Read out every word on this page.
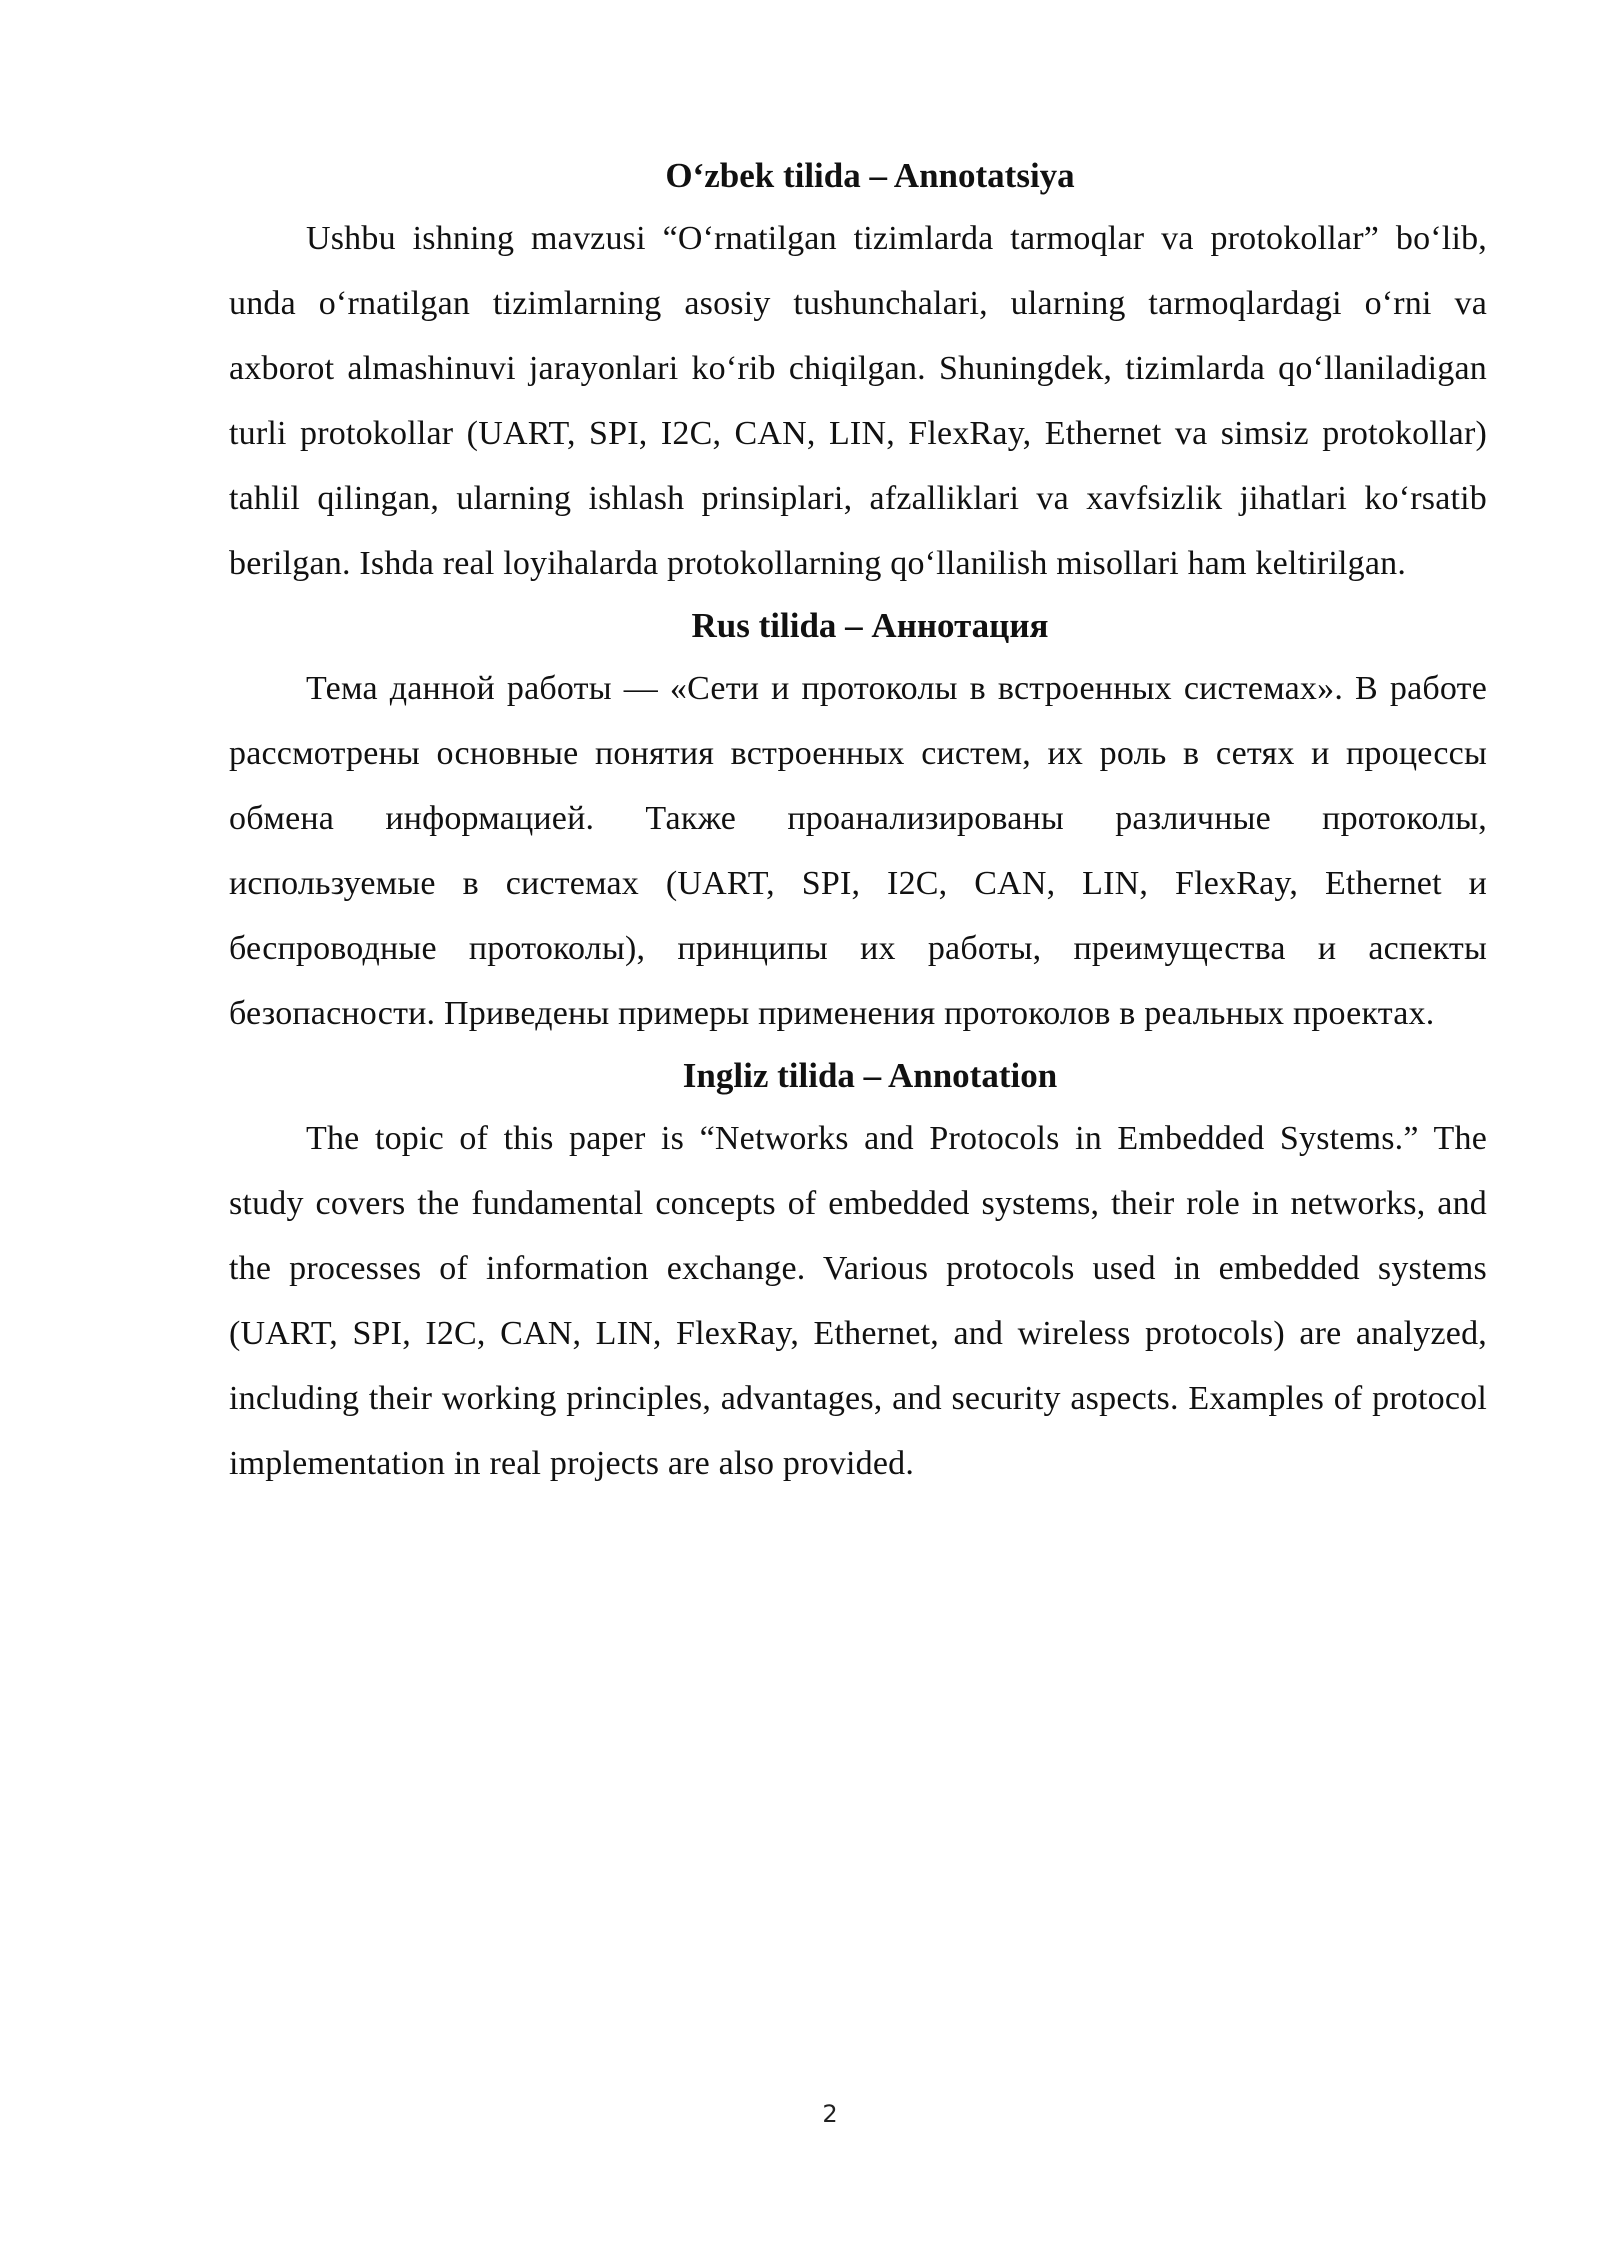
O‘zbek tilida – Annotatsiya

Ushbu ishning mavzusi “O‘rnatilgan tizimlarda tarmoqlar va protokollar” bo‘lib, unda o‘rnatilgan tizimlarning asosiy tushunchalari, ularning tarmoqlardagi o‘rni va axborot almashinuvi jarayonlari ko‘rib chiqilgan. Shuningdek, tizimlarda qo‘llaniladigan turli protokollar (UART, SPI, I2C, CAN, LIN, FlexRay, Ethernet va simsiz protokollar) tahlil qilingan, ularning ishlash prinsiplari, afzalliklari va xavfsizlik jihatlari ko‘rsatib berilgan. Ishda real loyihalarda protokollarning qo‘llanilish misollari ham keltirilgan.

Rus tilida – Аннотация

Тема данной работы — «Сети и протоколы в встроенных системах». В работе рассмотрены основные понятия встроенных систем, их роль в сетях и процессы обмена информацией. Также проанализированы различные протоколы, используемые в системах (UART, SPI, I2C, CAN, LIN, FlexRay, Ethernet и беспроводные протоколы), принципы их работы, преимущества и аспекты безопасности. Приведены примеры применения протоколов в реальных проектах.

Ingliz tilida – Annotation

The topic of this paper is “Networks and Protocols in Embedded Systems.” The study covers the fundamental concepts of embedded systems, their role in networks, and the processes of information exchange. Various protocols used in embedded systems (UART, SPI, I2C, CAN, LIN, FlexRay, Ethernet, and wireless protocols) are analyzed, including their working principles, advantages, and security aspects. Examples of protocol implementation in real projects are also provided.

2
